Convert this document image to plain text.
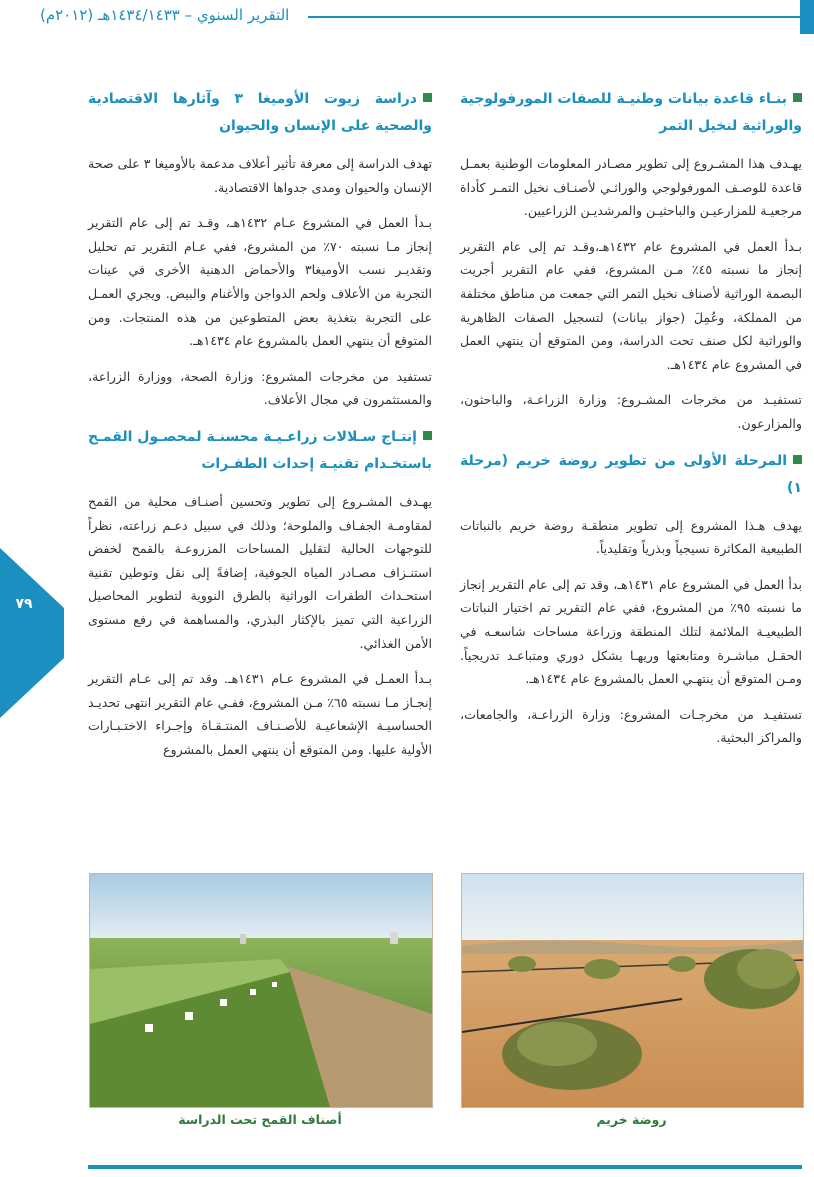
التقرير السنوي – ١٤٣٤/١٤٣٣هـ (٢٠١٢م)
٧٩
بنـاء قاعدة بيانات وطنيـة للصفات المورفولوجية والوراثية لنخيل التمر

يهـدف هذا المشـروع إلى تطوير مصـادر المعلومات الوطنية بعمـل قاعدة للوصـف المورفولوجي والوراثـي لأصنـاف نخيل التمـر كأداة مرجعيـة للمزارعيـن والباحثيـن والمرشديـن الزراعيين.

بـدأ العمل في المشروع عام ١٤٣٢هـ،وقـد تم إلى عام التقرير إنجاز ما نسبته ٤٥٪ مـن المشروع، ففي عام التقرير أجريت البصمة الوراثية لأصناف نخيل التمر التي جمعت من مناطق مختلفة من المملكة، وعُمِلَ (جواز بيانات) لتسجيل الصفات الظاهرية والوراثية لكل صنف تحت الدراسة، ومن المتوقع أن ينتهي العمل في المشروع عام ١٤٣٤هـ.

تستفيـد من مخرجات المشـروع: وزارة الزراعـة، والباحثون، والمزارعون.

المرحلة الأولى من تطوير روضة خريم (مرحلة ١)

يهدف هـذا المشروع إلى تطوير منطقـة روضة خريم بالنباتات الطبيعية المكاثرة نسيجياً وبذرياً وتقليدياً.

بدأ العمل في المشروع عام ١٤٣١هـ، وقد تم إلى عام التقرير إنجاز ما نسبته ٩٥٪ من المشروع، ففي عام التقرير تم اختيار النباتات الطبيعيـة الملائمة لتلك المنطقة وزراعة مساحات شاسعـه في الحقـل مباشـرة ومتابعتها وريهـا بشكل دوري ومتباعـد تدريجياً. ومـن المتوقع أن ينتهـي العمل بالمشروع عام ١٤٣٤هـ.

تستفيـد من مخرجـات المشروع: وزارة الزراعـة، والجامعات، والمراكز البحثية.

دراسة زيوت الأوميغا ٣ وآثارها الاقتصادية والصحية على الإنسان والحيوان

تهدف الدراسة إلى معرفة تأثير أعلاف مدعمة بالأوميغا ٣ على صحة الإنسان والحيوان ومدى جدواها الاقتصادية.

بـدأ العمل في المشروع عـام ١٤٣٢هـ، وقـد تم إلى عام التقرير إنجاز مـا نسبته ٧٠٪ من المشروع، ففي عـام التقرير تم تحليل وتقديـر نسب الأوميغا٣ والأحماض الدهنية الأخرى في عينات التجربة من الأعلاف ولحم الدواجن والأغنام والبيض. ويجري العمـل على التجربة بتغذية بعض المتطوعين من هذه المنتجات. ومن المتوقع أن ينتهي العمل بالمشروع عام ١٤٣٤هـ.

تستفيد من مخرجات المشروع: وزارة الصحة، ووزارة الزراعة، والمستثمرون في مجال الأعلاف.

إنتـاج سـلالات زراعـيـة محسنـة لمحصـول القمـح باستخـدام تقنيـة إحداث الطفـرات

يهـدف المشـروع إلى تطوير وتحسين أصنـاف محلية من القمح لمقاومـة الجفـاف والملوحة؛ وذلك في سبيل دعـم زراعته، نظراً للتوجهات الحالية لتقليل المساحات المزروعـة بالقمح لخفض استنـزاف مصـادر المياه الجوفية، إضافةً إلى نقل وتوطين تقنية استحـداث الطفرات الوراثية بالطرق النووية لتطوير المحاصيل الزراعية التي تميز بالإكثار البذري، والمساهمة في رفع مستوى الأمن الغذائي.

بـدأ العمـل في المشروع عـام ١٤٣١هـ. وقد تم إلى عـام التقرير إنجـاز مـا نسبته ٦٥٪ مـن المشروع، ففـي عام التقرير انتهى تحديـد الحساسيـة الإشعاعيـة للأصـنـاف المنتـقـاة وإجـراء الاختـبـارات الأولية عليها. ومن المتوقع أن ينتهي العمل بالمشروع

روضة خريم
أصناف القمح تحت الدراسة
